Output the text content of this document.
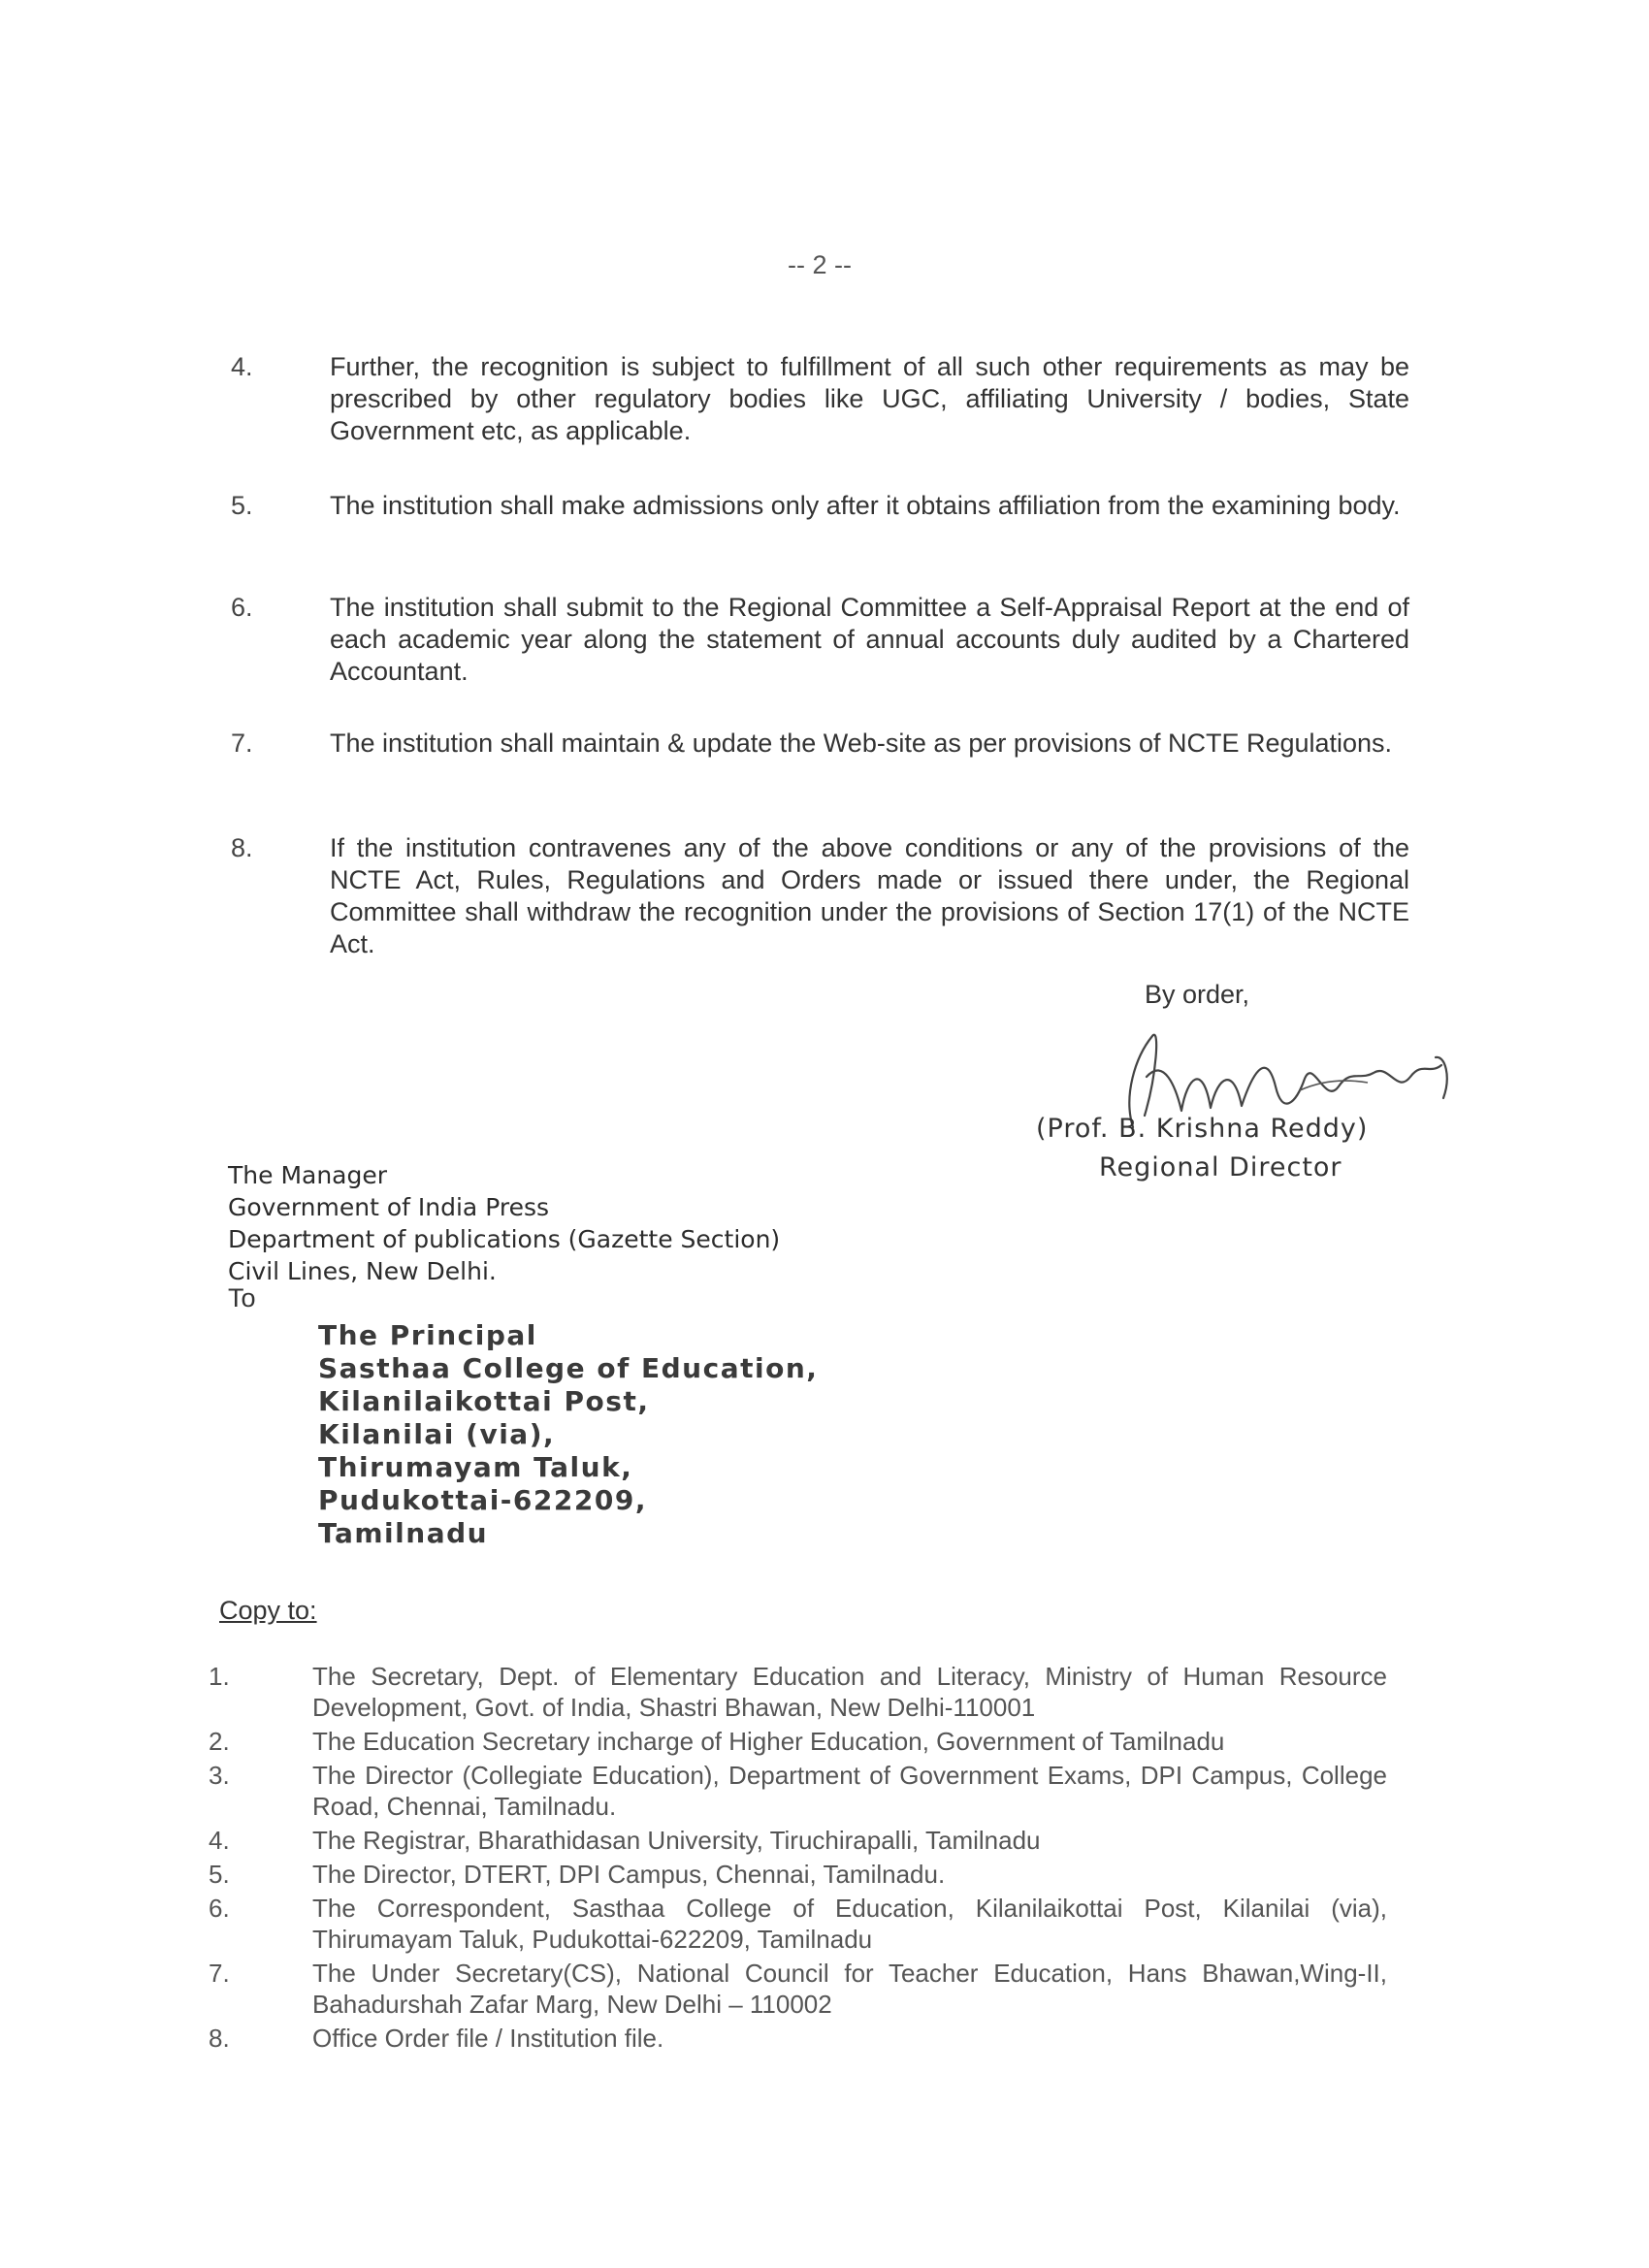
-- 2 --
4.	Further, the recognition is subject to fulfillment of all such other requirements as may be prescribed by other regulatory bodies like UGC, affiliating University / bodies, State Government etc, as applicable.
5.	The institution shall make admissions only after it obtains affiliation from the examining body.
6.	The institution shall submit to the Regional Committee a Self-Appraisal Report at the end of each academic year along the statement of annual accounts duly audited by a Chartered Accountant.
7.	The institution shall maintain & update the Web-site as per provisions of NCTE Regulations.
8.	If the institution contravenes any of the above conditions or any of the provisions of the NCTE Act, Rules, Regulations and Orders made or issued there under, the Regional Committee shall withdraw the recognition under the provisions of Section 17(1) of the NCTE Act.
By order,
(Prof. B. Krishna Reddy)
Regional Director
The Manager
Government of India Press
Department of publications (Gazette Section)
Civil Lines, New Delhi.
To
The Principal
Sasthaa College of Education,
Kilanilaikottai Post,
Kilanilai (via),
Thirumayam Taluk,
Pudukottai-622209,
Tamilnadu
Copy to:
1.	The Secretary, Dept. of Elementary Education and Literacy, Ministry of Human Resource Development, Govt. of India, Shastri Bhawan, New Delhi-110001
2.	The Education Secretary incharge of Higher Education, Government of Tamilnadu
3.	The Director (Collegiate Education), Department of Government Exams, DPI Campus, College Road, Chennai, Tamilnadu.
4.	The Registrar, Bharathidasan University, Tiruchirapalli, Tamilnadu
5.	The Director, DTERT, DPI Campus, Chennai, Tamilnadu.
6.	The Correspondent, Sasthaa College of Education, Kilanilaikottai Post, Kilanilai (via), Thirumayam Taluk, Pudukottai-622209, Tamilnadu
7.	The Under Secretary(CS), National Council for Teacher Education, Hans Bhawan,Wing-II, Bahadurshah Zafar Marg, New Delhi – 110002
8.	Office Order file / Institution file.
